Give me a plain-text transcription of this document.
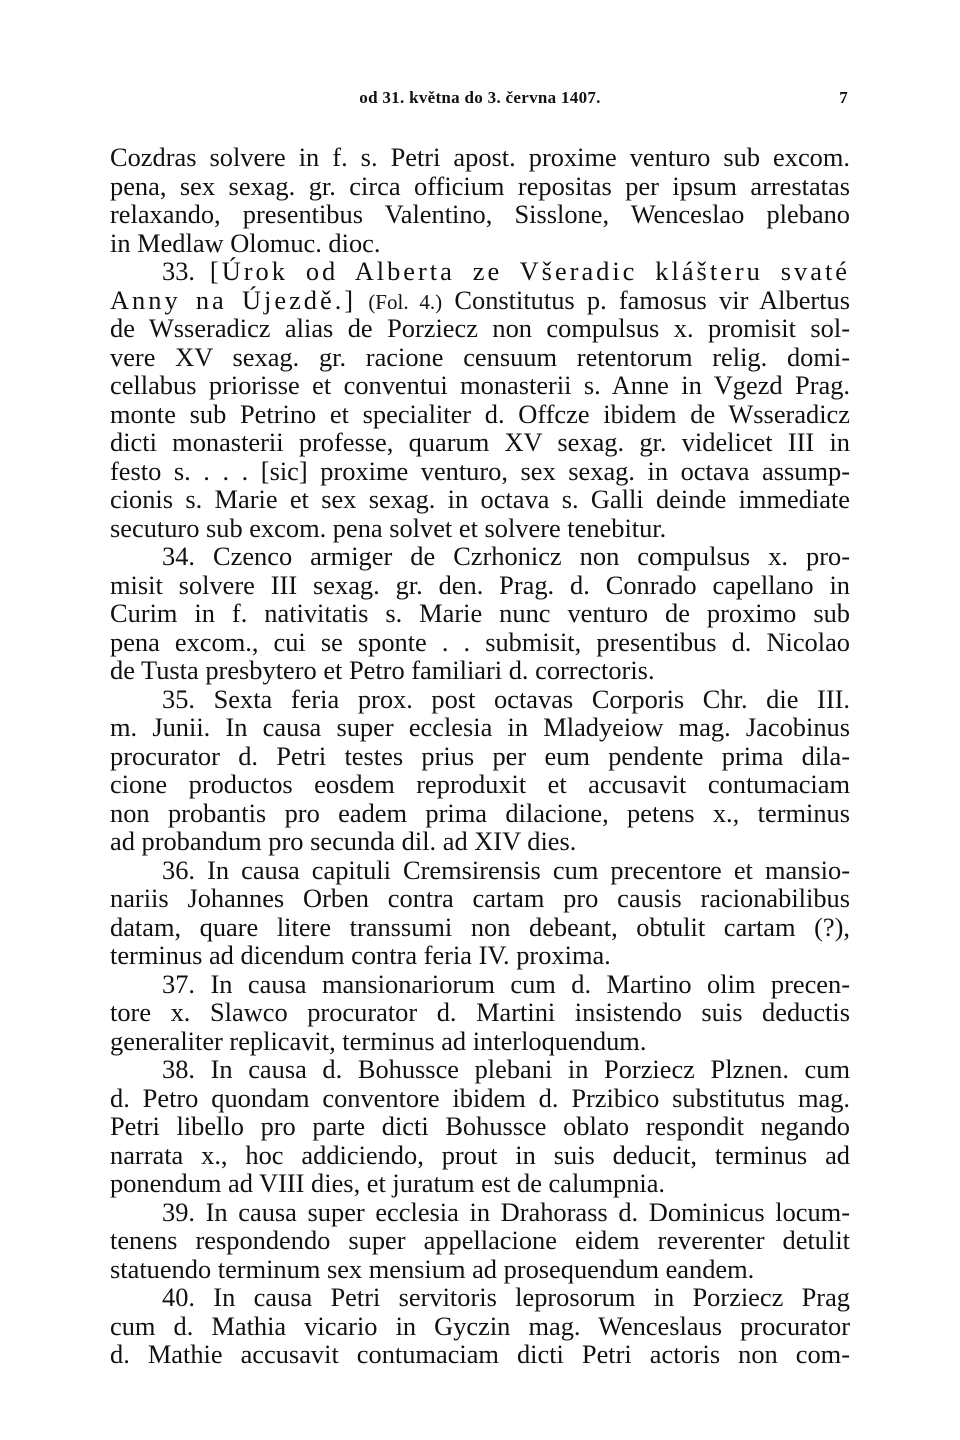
od 31. května do 3. června 1407.	7
Cozdras solvere in f. s. Petri apost. proxime venturo sub excom.
pena, sex sexag. gr. circa officium repositas per ipsum arrestatas
relaxando, presentibus Valentino, Sisslone, Wenceslao plebano
in Medlaw Olomuc. dioc.
33. [Úrok od Alberta ze Všeradic klášteru svaté
Anny na Újezdě.] (Fol. 4.) Constitutus p. famosus vir Albertus
de Wsseradicz alias de Porziecz non compulsus x. promisit sol-
vere XV sexag. gr. racione censuum retentorum relig. domi-
cellabus priorisse et conventui monasterii s. Anne in Vgezd Prag.
monte sub Petrino et specialiter d. Offcze ibidem de Wsseradicz
dicti monasterii professe, quarum XV sexag. gr. videlicet III in
festo s. . . . [sic] proxime venturo, sex sexag. in octava assump-
cionis s. Marie et sex sexag. in octava s. Galli deinde immediate
secuturo sub excom. pena solvet et solvere tenebitur.
34. Czenco armiger de Czrhonicz non compulsus x. pro-
misit solvere III sexag. gr. den. Prag. d. Conrado capellano in
Curim in f. nativitatis s. Marie nunc venturo de proximo sub
pena excom., cui se sponte . . submisit, presentibus d. Nicolao
de Tusta presbytero et Petro familiari d. correctoris.
35. Sexta feria prox. post octavas Corporis Chr. die III.
m. Junii. In causa super ecclesia in Mladyeiow mag. Jacobinus
procurator d. Petri testes prius per eum pendente prima dila-
cione productos eosdem reproduxit et accusavit contumaciam
non probantis pro eadem prima dilacione, petens x., terminus
ad probandum pro secunda dil. ad XIV dies.
36. In causa capituli Cremsirensis cum precentore et mansio-
nariis Johannes Orben contra cartam pro causis racionabilibus
datam, quare litere transsumi non debeant, obtulit cartam (?),
terminus ad dicendum contra feria IV. proxima.
37. In causa mansionariorum cum d. Martino olim precen-
tore x. Slawco procurator d. Martini insistendo suis deductis
generaliter replicavit, terminus ad interloquendum.
38. In causa d. Bohussce plebani in Porziecz Plznen. cum
d. Petro quondam conventore ibidem d. Przibico substitutus mag.
Petri libello pro parte dicti Bohussce oblato respondit negando
narrata x., hoc addiciendo, prout in suis deducit, terminus ad
ponendum ad VIII dies, et juratum est de calumpnia.
39. In causa super ecclesia in Drahorass d. Dominicus locum-
tenens respondendo super appellacione eidem reverenter detulit
statuendo terminum sex mensium ad prosequendum eandem.
40. In causa Petri servitoris leprosorum in Porziecz Prag
cum d. Mathia vicario in Gyczin mag. Wenceslaus procurator
d. Mathie accusavit contumaciam dicti Petri actoris non com-
